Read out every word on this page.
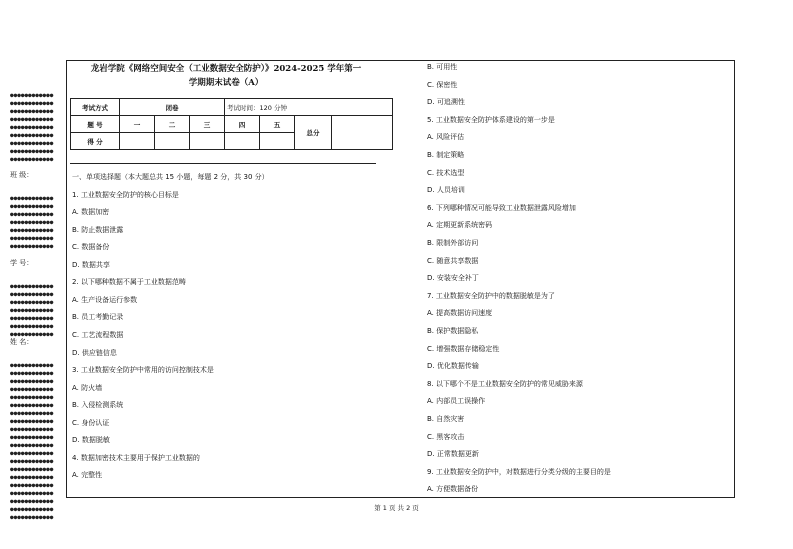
●●●●●●●●●●●●
●●●●●●●●●●●●
●●●●●●●●●●●●
●●●●●●●●●●●●
●●●●●●●●●●●●
●●●●●●●●●●●●
●●●●●●●●●●●●
●●●●●●●●●●●●
●●●●●●●●●●●●
班 级：
●●●●●●●●●●●●
●●●●●●●●●●●●
●●●●●●●●●●●●
●●●●●●●●●●●●
●●●●●●●●●●●●
●●●●●●●●●●●●
●●●●●●●●●●●●
学 号：
●●●●●●●●●●●●
●●●●●●●●●●●●
●●●●●●●●●●●●
●●●●●●●●●●●●
●●●●●●●●●●●●
●●●●●●●●●●●●
●●●●●●●●●●●●
姓 名：
●●●●●●●●●●●●
●●●●●●●●●●●●
●●●●●●●●●●●●
●●●●●●●●●●●●
●●●●●●●●●●●●
●●●●●●●●●●●●
●●●●●●●●●●●●
●●●●●●●●●●●●
●●●●●●●●●●●●
●●●●●●●●●●●●
●●●●●●●●●●●●
●●●●●●●●●●●●
●●●●●●●●●●●●
●●●●●●●●●●●●
●●●●●●●●●●●●
●●●●●●●●●●●●
●●●●●●●●●●●●
●●●●●●●●●●●●
●●●●●●●●●●●●
●●●●●●●●●●●●
龙岩学院《网络空间安全（工业数据安全防护）》2024-2025 学年第一
学期期末试卷（A）
考试方式	闭卷			考试时间：120 分钟			
题 号	一	二	三	四	五	总分	
得 分							
一、单项选择题（本大题总共 15 小题，每题 2 分，共 30 分）
1. 工业数据安全防护的核心目标是
A. 数据加密
B. 防止数据泄露
C. 数据备份
D. 数据共享
2. 以下哪种数据不属于工业数据范畴
A. 生产设备运行参数
B. 员工考勤记录
C. 工艺流程数据
D. 供应链信息
3. 工业数据安全防护中常用的访问控制技术是
A. 防火墙
B. 入侵检测系统
C. 身份认证
D. 数据脱敏
4. 数据加密技术主要用于保护工业数据的
A. 完整性
B. 可用性
C. 保密性
D. 可追溯性
5. 工业数据安全防护体系建设的第一步是
A. 风险评估
B. 制定策略
C. 技术选型
D. 人员培训
6. 下列哪种情况可能导致工业数据泄露风险增加
A. 定期更新系统密码
B. 限制外部访问
C. 随意共享数据
D. 安装安全补丁
7. 工业数据安全防护中的数据脱敏是为了
A. 提高数据访问速度
B. 保护数据隐私
C. 增强数据存储稳定性
D. 优化数据传输
8. 以下哪个不是工业数据安全防护的常见威胁来源
A. 内部员工误操作
B. 自然灾害
C. 黑客攻击
D. 正常数据更新
9. 工业数据安全防护中，对数据进行分类分级的主要目的是
A. 方便数据备份
第 1 页 共 2 页
